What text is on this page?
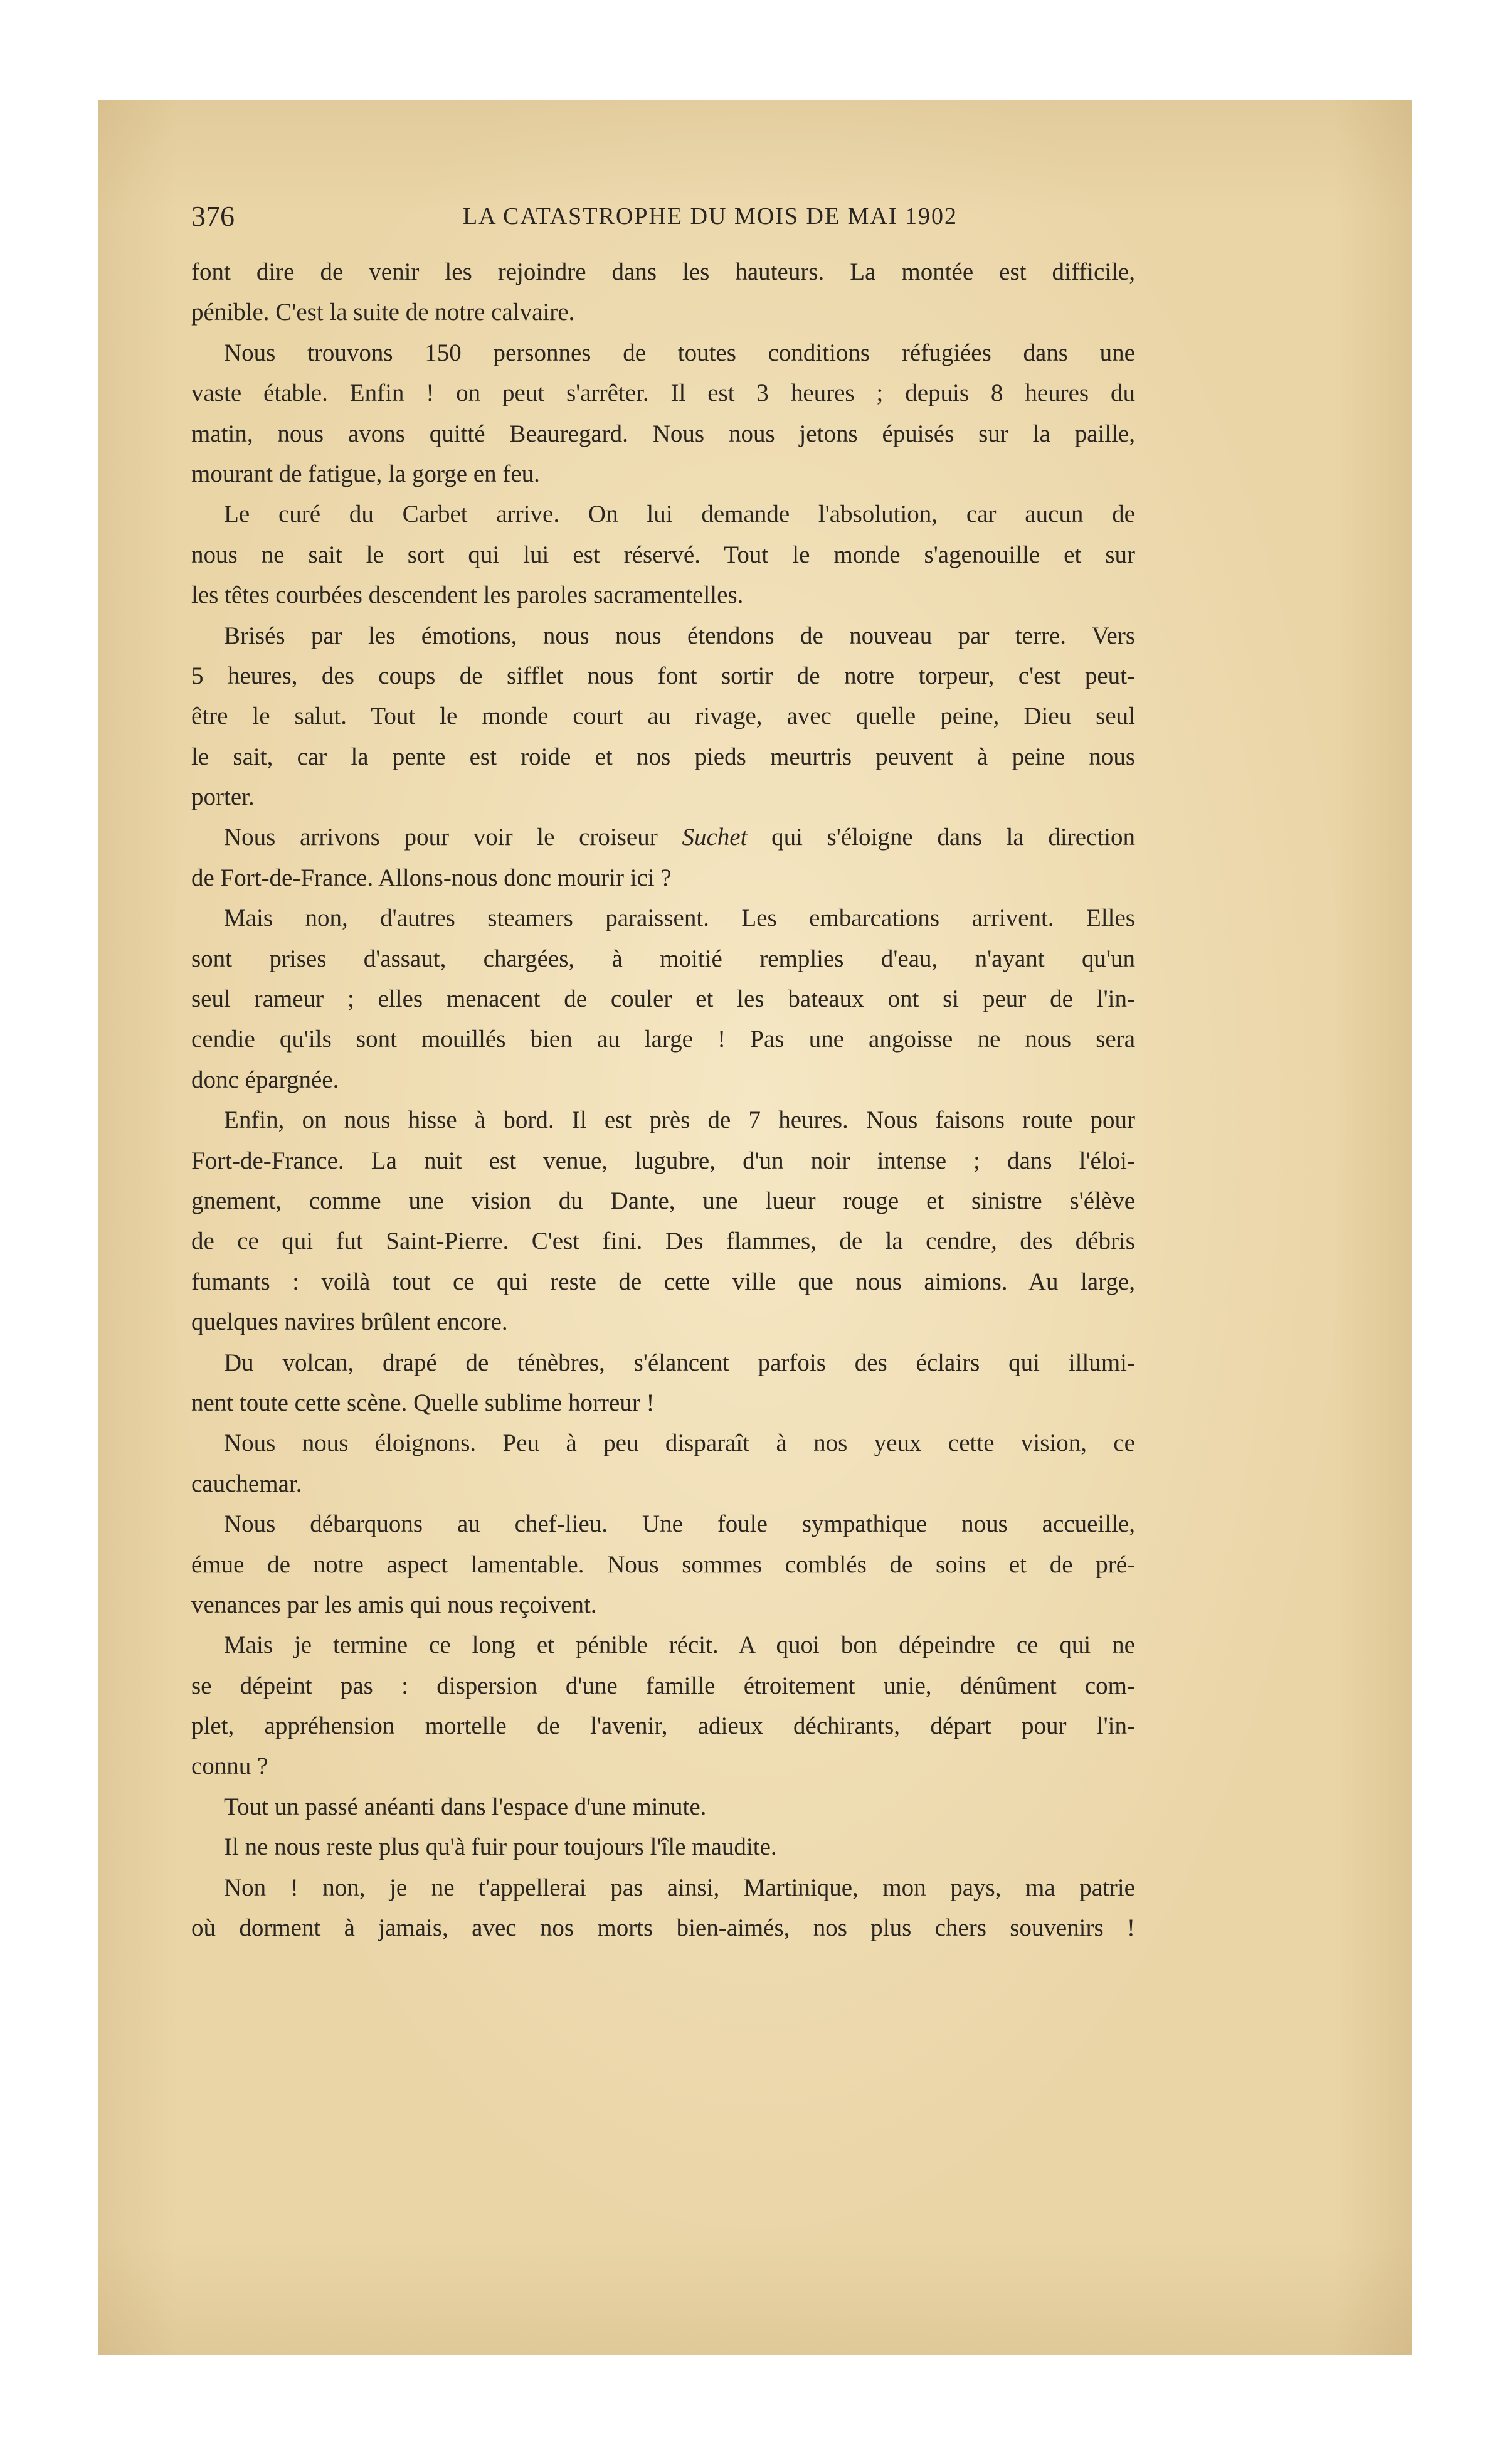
376	LA CATASTROPHE DU MOIS DE MAI 1902
font dire de venir les rejoindre dans les hauteurs. La montée est difficile,
pénible. C'est la suite de notre calvaire.
Nous trouvons 150 personnes de toutes conditions réfugiées dans une
vaste étable. Enfin ! on peut s'arrêter. Il est 3 heures ; depuis 8 heures du
matin, nous avons quitté Beauregard. Nous nous jetons épuisés sur la paille,
mourant de fatigue, la gorge en feu.
Le curé du Carbet arrive. On lui demande l'absolution, car aucun de
nous ne sait le sort qui lui est réservé. Tout le monde s'agenouille et sur
les têtes courbées descendent les paroles sacramentelles.
Brisés par les émotions, nous nous étendons de nouveau par terre. Vers
5 heures, des coups de sifflet nous font sortir de notre torpeur, c'est peut-
être le salut. Tout le monde court au rivage, avec quelle peine, Dieu seul
le sait, car la pente est roide et nos pieds meurtris peuvent à peine nous
porter.
Nous arrivons pour voir le croiseur Suchet qui s'éloigne dans la direction
de Fort-de-France. Allons-nous donc mourir ici ?
Mais non, d'autres steamers paraissent. Les embarcations arrivent. Elles
sont prises d'assaut, chargées, à moitié remplies d'eau, n'ayant qu'un
seul rameur ; elles menacent de couler et les bateaux ont si peur de l'in-
cendie qu'ils sont mouillés bien au large ! Pas une angoisse ne nous sera
donc épargnée.
Enfin, on nous hisse à bord. Il est près de 7 heures. Nous faisons route pour
Fort-de-France. La nuit est venue, lugubre, d'un noir intense ; dans l'éloi-
gnement, comme une vision du Dante, une lueur rouge et sinistre s'élève
de ce qui fut Saint-Pierre. C'est fini. Des flammes, de la cendre, des débris
fumants : voilà tout ce qui reste de cette ville que nous aimions. Au large,
quelques navires brûlent encore.
Du volcan, drapé de ténèbres, s'élancent parfois des éclairs qui illumi-
nent toute cette scène. Quelle sublime horreur !
Nous nous éloignons. Peu à peu disparaît à nos yeux cette vision, ce
cauchemar.
Nous débarquons au chef-lieu. Une foule sympathique nous accueille,
émue de notre aspect lamentable. Nous sommes comblés de soins et de pré-
venances par les amis qui nous reçoivent.
Mais je termine ce long et pénible récit. A quoi bon dépeindre ce qui ne
se dépeint pas : dispersion d'une famille étroitement unie, dénûment com-
plet, appréhension mortelle de l'avenir, adieux déchirants, départ pour l'in-
connu ?
Tout un passé anéanti dans l'espace d'une minute.
Il ne nous reste plus qu'à fuir pour toujours l'île maudite.
Non ! non, je ne t'appellerai pas ainsi, Martinique, mon pays, ma patrie
où dorment à jamais, avec nos morts bien-aimés, nos plus chers souvenirs !
